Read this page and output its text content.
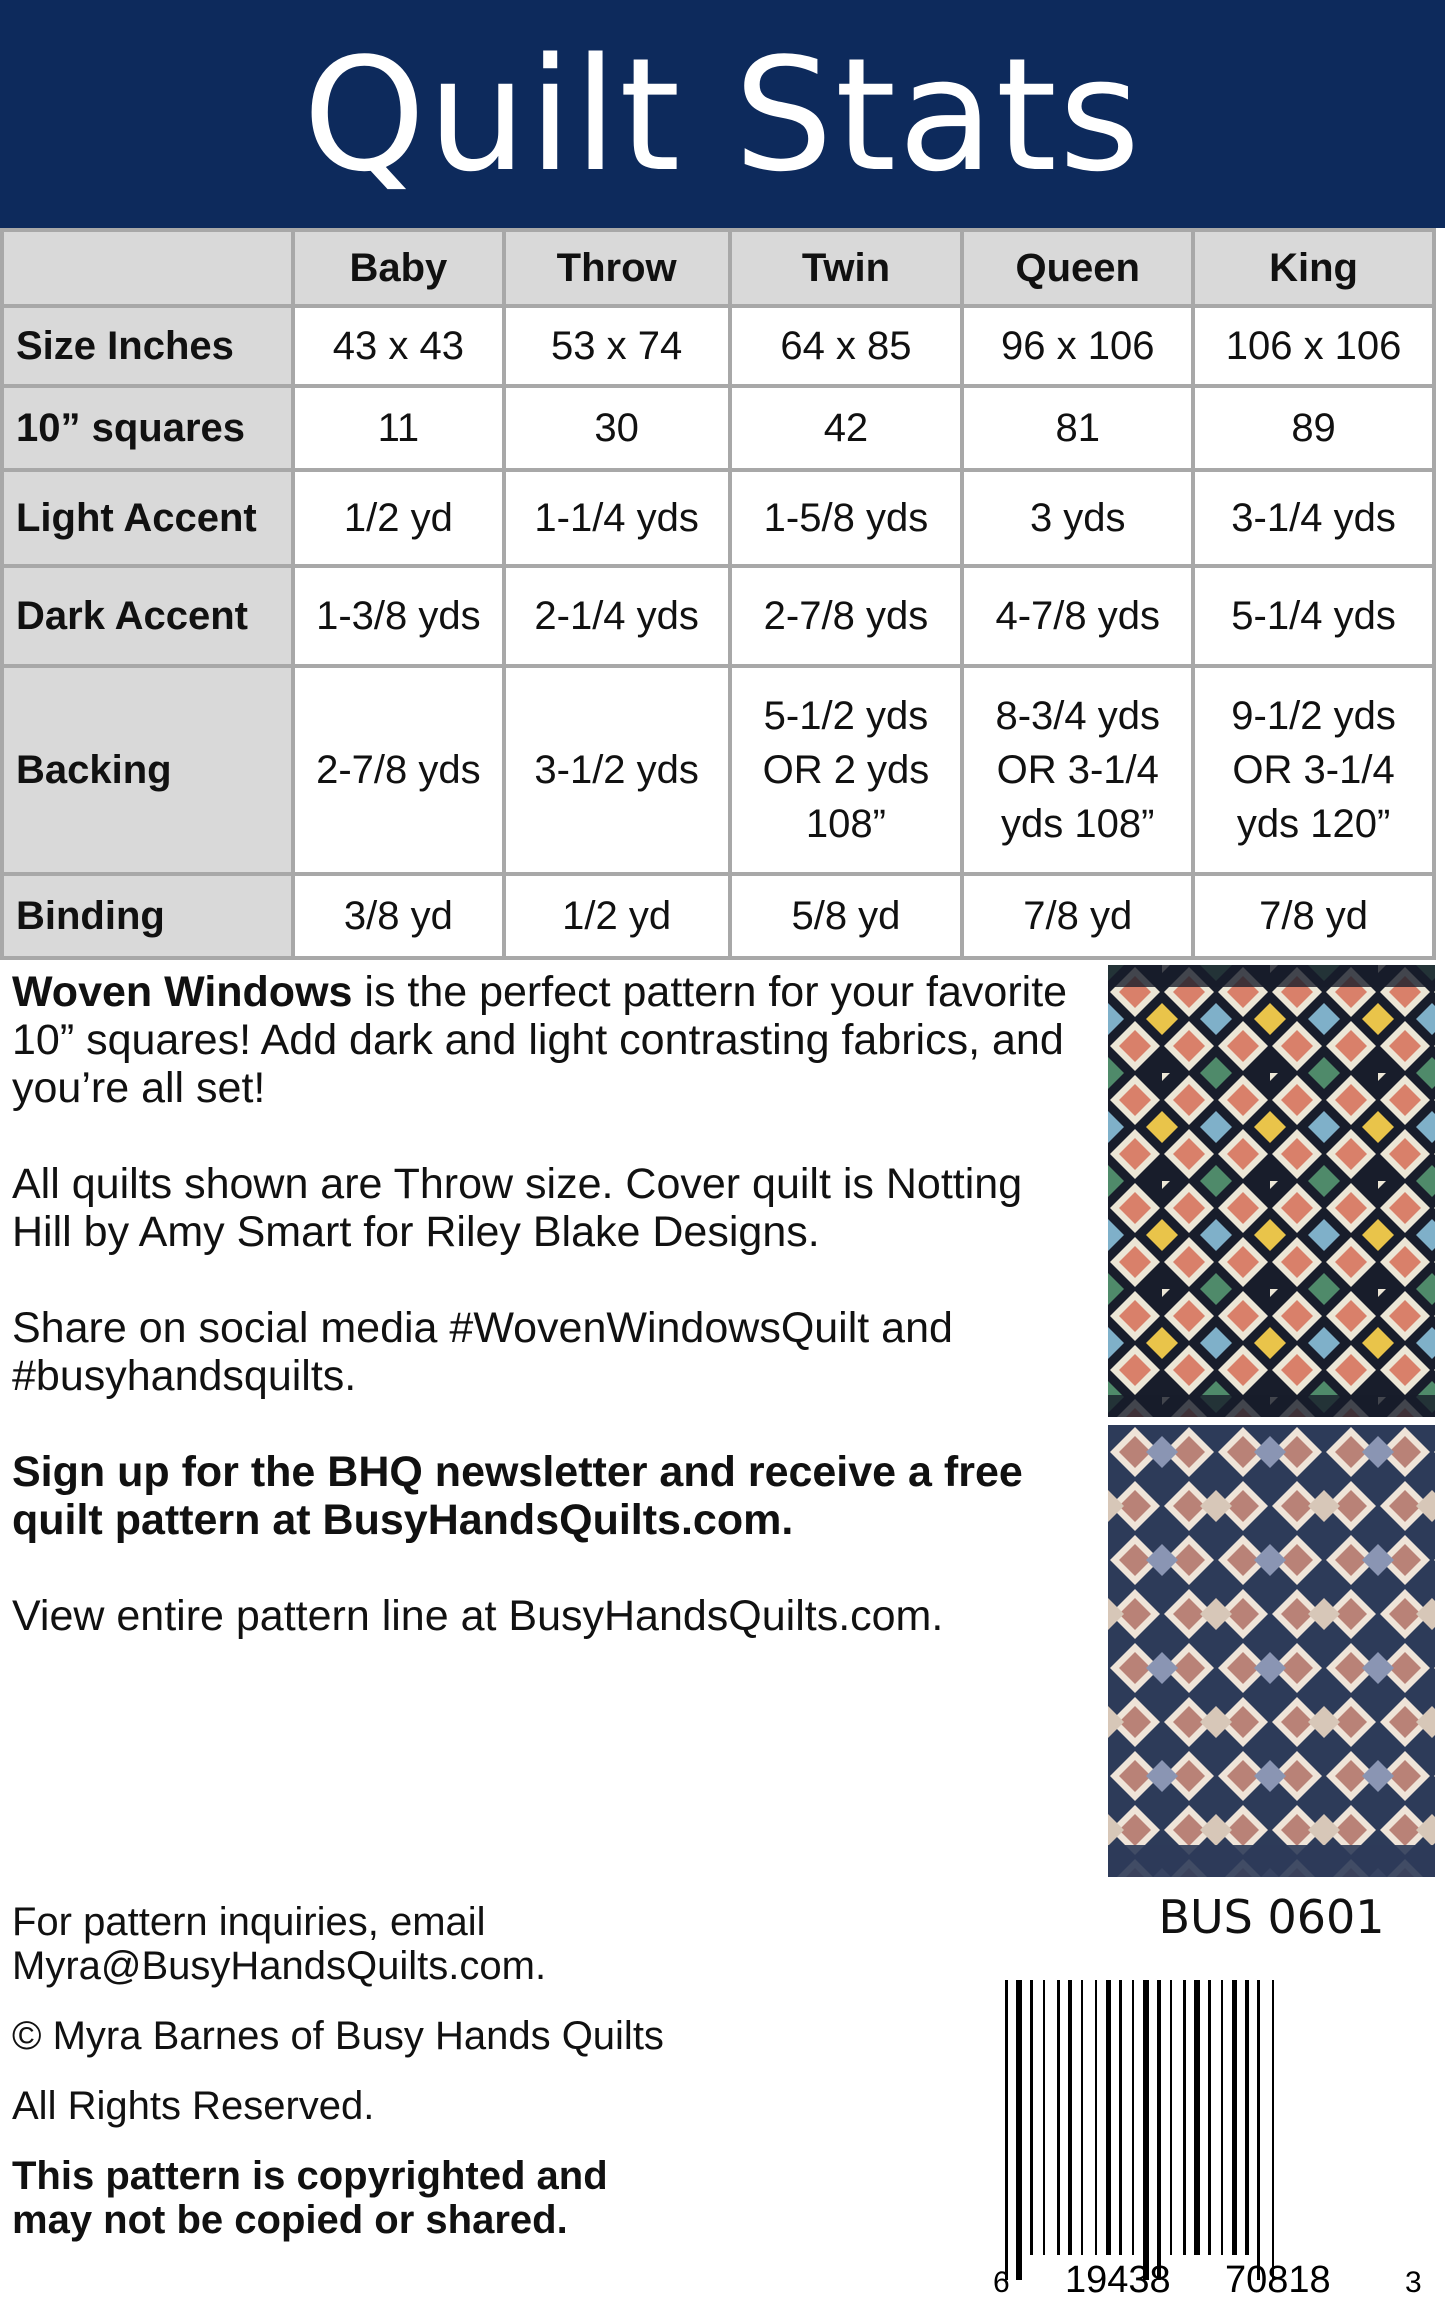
Quilt Stats
	Baby	Throw	Twin	Queen	King
Size Inches	43 x 43	53 x 74	64 x 85	96 x 106	106 x 106
10” squares	11	30	42	81	89
Light Accent	1/2 yd	1-1/4 yds	1-5/8 yds	3 yds	3-1/4 yds
Dark Accent	1-3/8 yds	2-1/4 yds	2-7/8 yds	4-7/8 yds	5-1/4 yds
Backing	2-7/8 yds	3-1/2 yds	5-1/2 yds OR 2 yds 108”	8-3/4 yds OR 3-1/4 yds 108”	9-1/2 yds OR 3-1/4 yds 120”
Binding	3/8 yd	1/2 yd	5/8 yd	7/8 yd	7/8 yd

Woven Windows is the perfect pattern for your favorite 10” squares! Add dark and light contrasting fabrics, and you’re all set!

All quilts shown are Throw size. Cover quilt is Notting Hill by Amy Smart for Riley Blake Designs.

Share on social media #WovenWindowsQuilt and #busyhandsquilts.

Sign up for the BHQ newsletter and receive a free quilt pattern at BusyHandsQuilts.com.

View entire pattern line at BusyHandsQuilts.com.

BUS 0601

For pattern inquiries, email Myra@BusyHandsQuilts.com.

© Myra Barnes of Busy Hands Quilts

All Rights Reserved.

This pattern is copyrighted and may not be copied or shared.

6 19438 70818 3
